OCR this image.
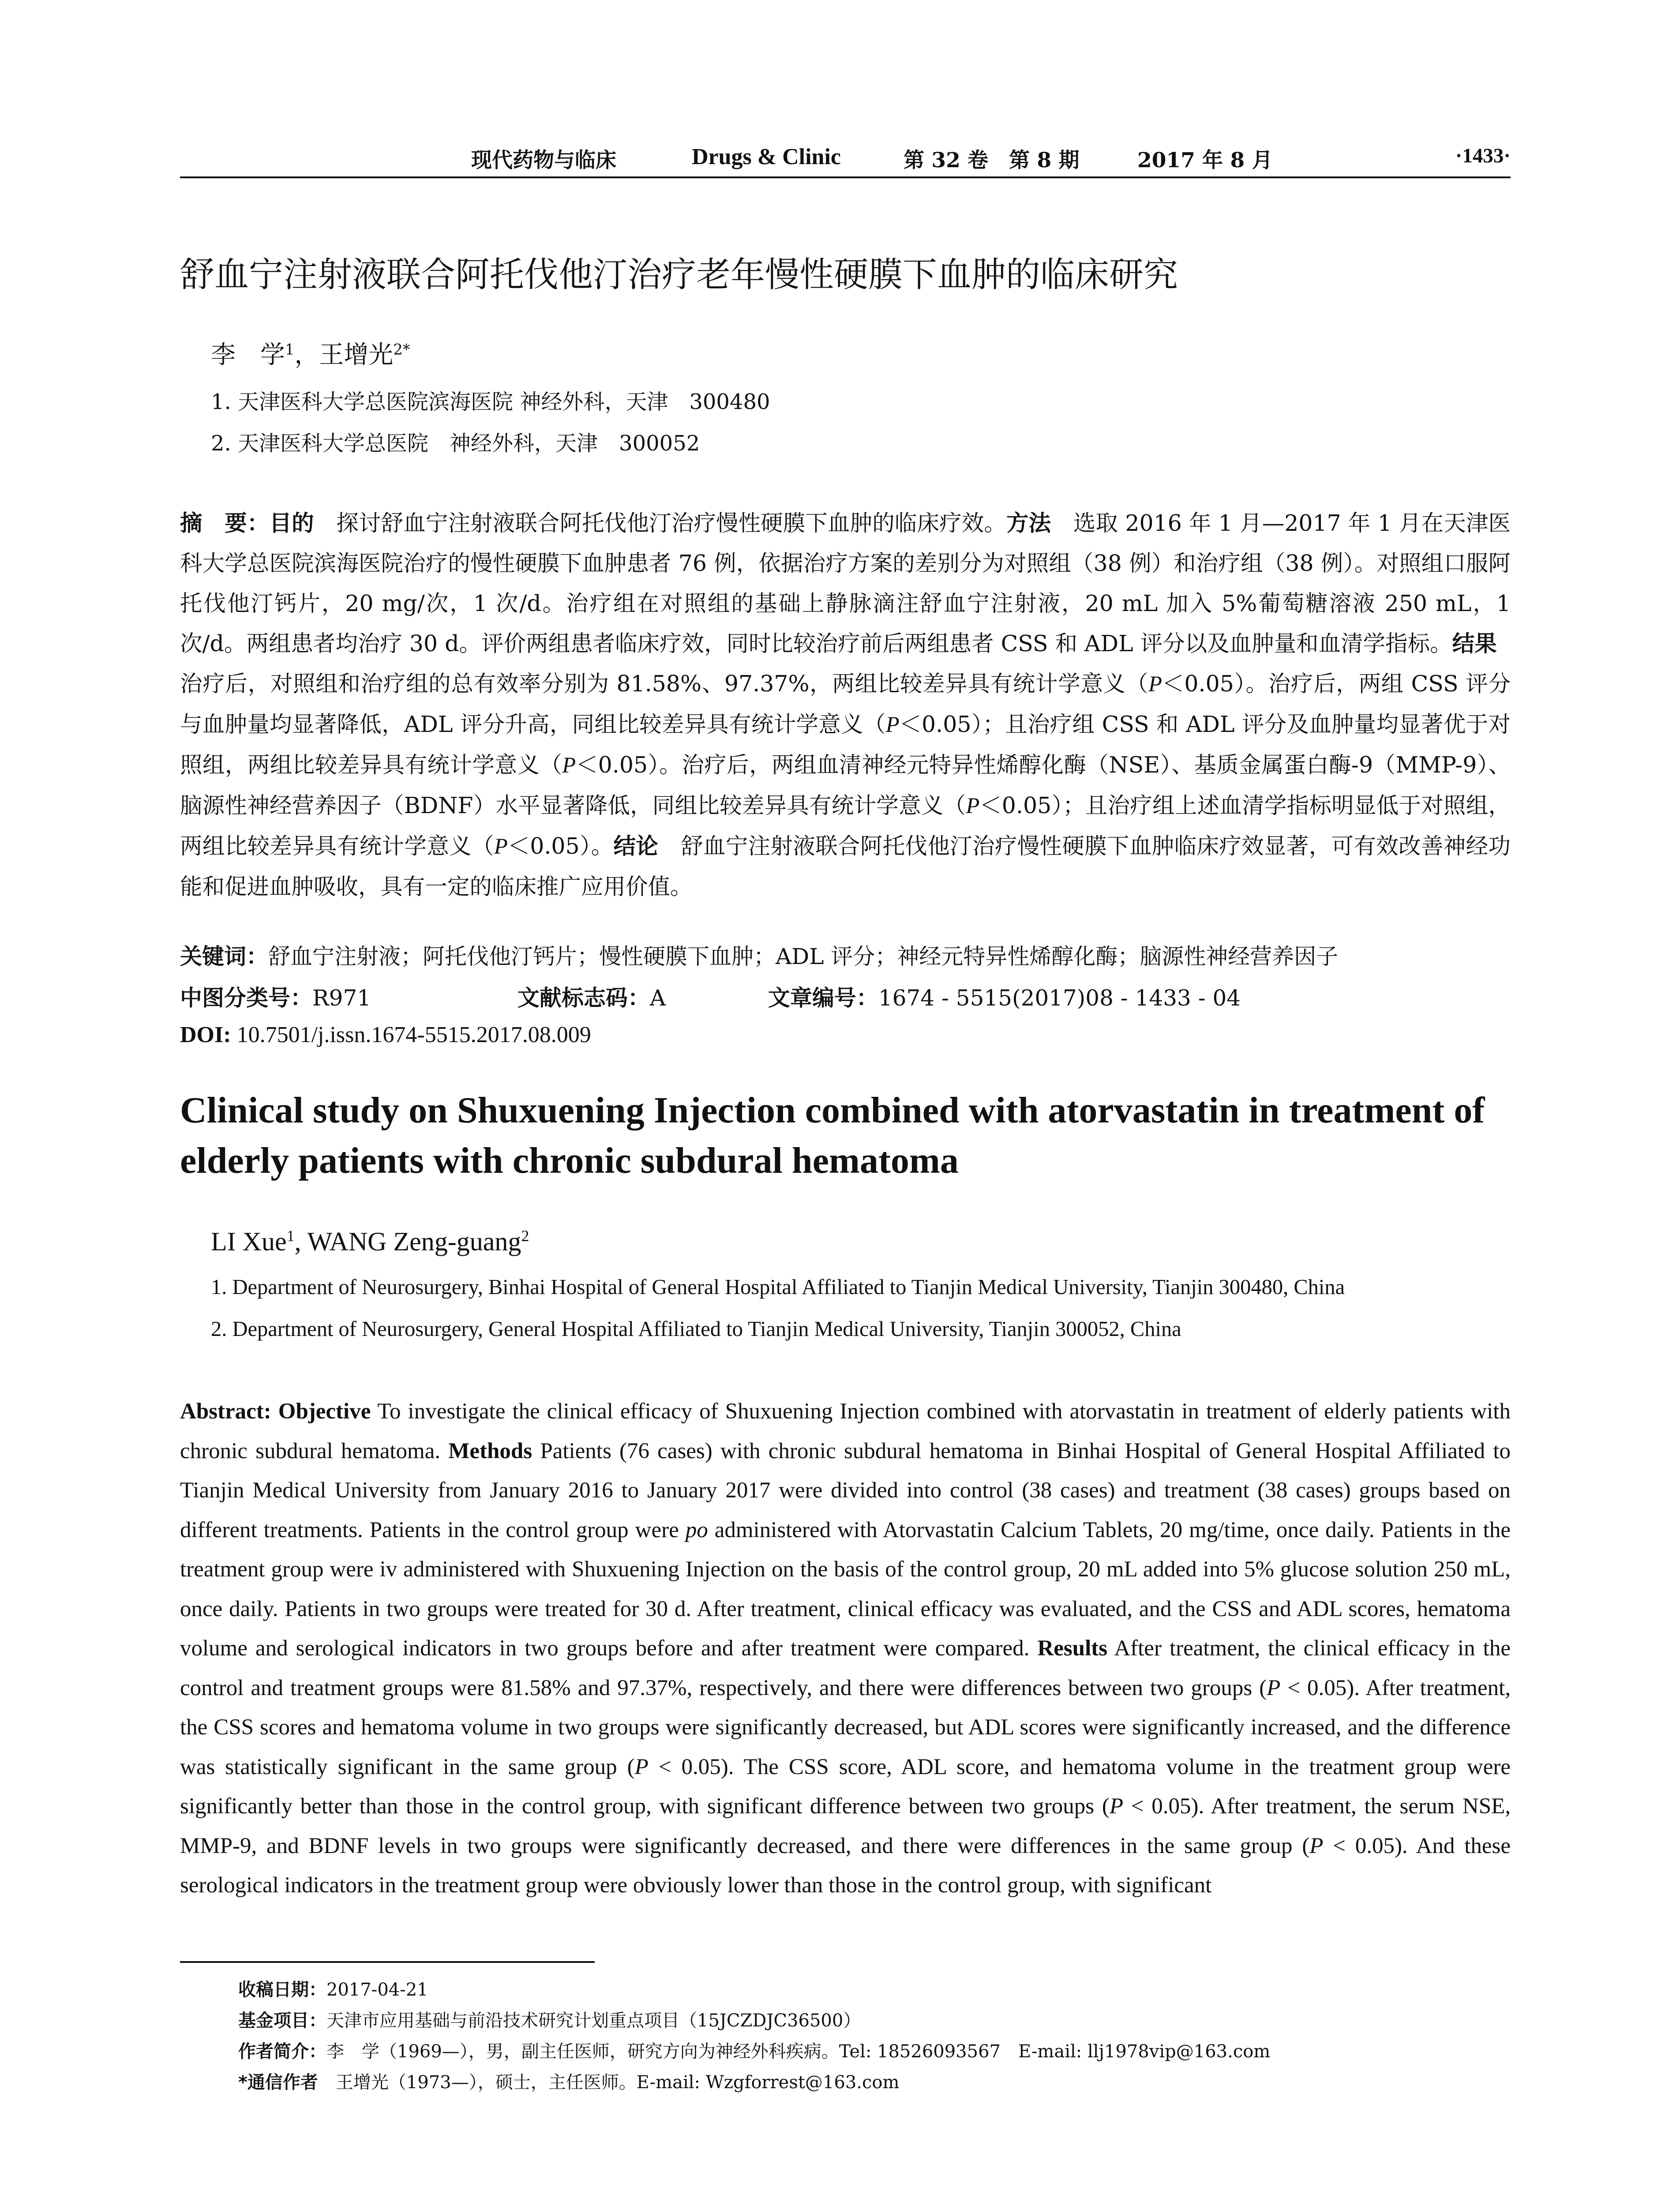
现代药物与临床	Drugs & Clinic	第 32 卷　第 8 期	2017 年 8 月	·1433·
舒血宁注射液联合阿托伐他汀治疗老年慢性硬膜下血肿的临床研究
李　学$^1$，王增光$^{2*}$
1. 天津医科大学总医院滨海医院 神经外科，天津　300480
2. 天津医科大学总医院　神经外科，天津　300052
摘　要：目的　探讨舒血宁注射液联合阿托伐他汀治疗慢性硬膜下血肿的临床疗效。方法　选取 2016 年 1 月—2017 年 1 月在天津医科大学总医院滨海医院治疗的慢性硬膜下血肿患者 76 例，依据治疗方案的差别分为对照组（38 例）和治疗组（38 例）。对照组口服阿托伐他汀钙片，20 mg/次，1 次/d。治疗组在对照组的基础上静脉滴注舒血宁注射液，20 mL 加入 5%葡萄糖溶液 250 mL，1 次/d。两组患者均治疗 30 d。评价两组患者临床疗效，同时比较治疗前后两组患者 CSS 和 ADL 评分以及血肿量和血清学指标。结果　治疗后，对照组和治疗组的总有效率分别为 81.58%、97.37%，两组比较差异具有统计学意义（P＜0.05）。治疗后，两组 CSS 评分与血肿量均显著降低，ADL 评分升高，同组比较差异具有统计学意义（P＜0.05）；且治疗组 CSS 和 ADL 评分及血肿量均显著优于对照组，两组比较差异具有统计学意义（P＜0.05）。治疗后，两组血清神经元特异性烯醇化酶（NSE）、基质金属蛋白酶-9（MMP-9）、脑源性神经营养因子（BDNF）水平显著降低，同组比较差异具有统计学意义（P＜0.05）；且治疗组上述血清学指标明显低于对照组，两组比较差异具有统计学意义（P＜0.05）。结论　舒血宁注射液联合阿托伐他汀治疗慢性硬膜下血肿临床疗效显著，可有效改善神经功能和促进血肿吸收，具有一定的临床推广应用价值。
关键词：舒血宁注射液；阿托伐他汀钙片；慢性硬膜下血肿；ADL 评分；神经元特异性烯醇化酶；脑源性神经营养因子
中图分类号：R971	文献标志码：A	文章编号：1674 - 5515(2017)08 - 1433 - 04
DOI: 10.7501/j.issn.1674-5515.2017.08.009
Clinical study on Shuxuening Injection combined with atorvastatin in treatment of elderly patients with chronic subdural hematoma
LI Xue$^1$, WANG Zeng-guang$^2$
1. Department of Neurosurgery, Binhai Hospital of General Hospital Affiliated to Tianjin Medical University, Tianjin 300480, China
2. Department of Neurosurgery, General Hospital Affiliated to Tianjin Medical University, Tianjin 300052, China
Abstract: Objective To investigate the clinical efficacy of Shuxuening Injection combined with atorvastatin in treatment of elderly patients with chronic subdural hematoma. Methods Patients (76 cases) with chronic subdural hematoma in Binhai Hospital of General Hospital Affiliated to Tianjin Medical University from January 2016 to January 2017 were divided into control (38 cases) and treatment (38 cases) groups based on different treatments. Patients in the control group were po administered with Atorvastatin Calcium Tablets, 20 mg/time, once daily. Patients in the treatment group were iv administered with Shuxuening Injection on the basis of the control group, 20 mL added into 5% glucose solution 250 mL, once daily. Patients in two groups were treated for 30 d. After treatment, clinical efficacy was evaluated, and the CSS and ADL scores, hematoma volume and serological indicators in two groups before and after treatment were compared. Results After treatment, the clinical efficacy in the control and treatment groups were 81.58% and 97.37%, respectively, and there were differences between two groups (P < 0.05). After treatment, the CSS scores and hematoma volume in two groups were significantly decreased, but ADL scores were significantly increased, and the difference was statistically significant in the same group (P < 0.05). The CSS score, ADL score, and hematoma volume in the treatment group were significantly better than those in the control group, with significant difference between two groups (P < 0.05). After treatment, the serum NSE, MMP-9, and BDNF levels in two groups were significantly decreased, and there were differences in the same group (P < 0.05). And these serological indicators in the treatment group were obviously lower than those in the control group, with significant
收稿日期：2017-04-21
基金项目：天津市应用基础与前沿技术研究计划重点项目（15JCZDJC36500）
作者简介：李　学（1969—），男，副主任医师，研究方向为神经外科疾病。Tel: 18526093567　E-mail: llj1978vip@163.com
*通信作者　王增光（1973—），硕士，主任医师。E-mail: Wzgforrest@163.com
